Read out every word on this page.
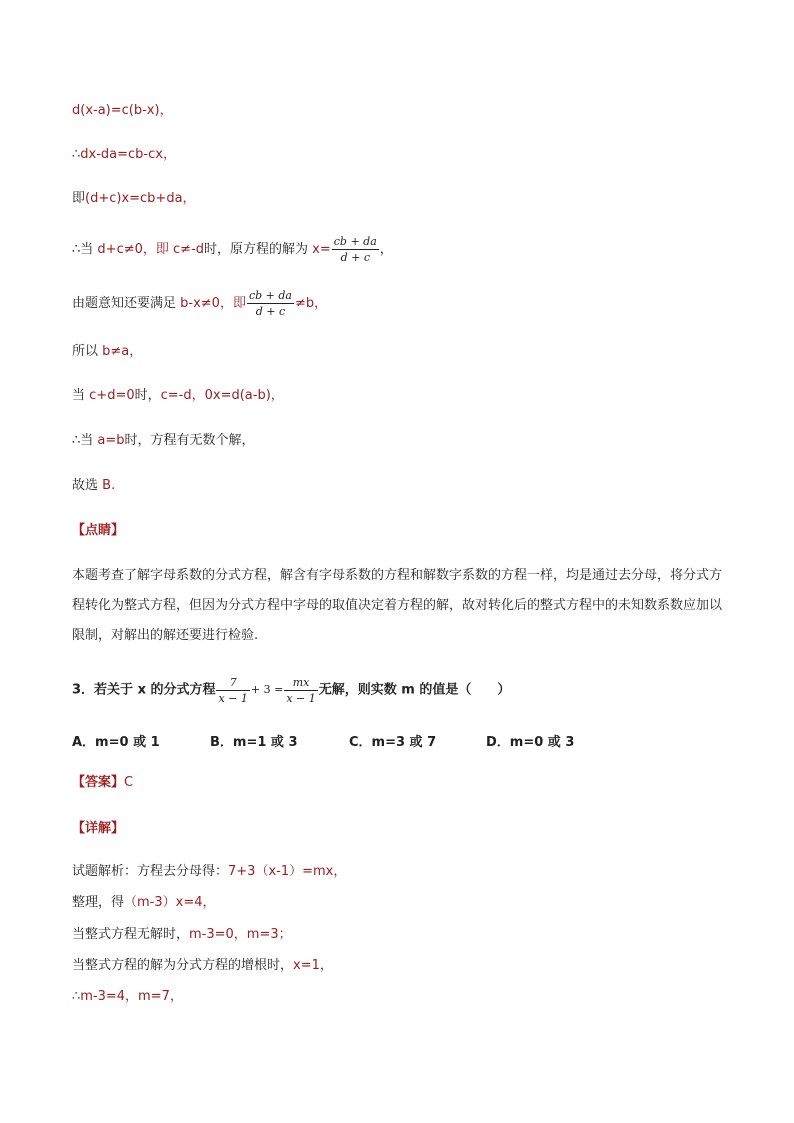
d(x-a)=c(b-x)，
∴dx-da=cb-cx，
即(d+c)x=cb+da，
∴当 d+c≠0，即 c≠-d时，原方程的解为 $x= \frac{cb + da}{d + c}$ ，
由题意知还要满足 b-x≠0，即 $\frac{cb + da}{d + c} \ne b$，
所以 b≠a，
当 c+d=0时，c=-d，0x=d(a-b)，
∴当 a=b时，方程有无数个解，
故选 B.
【点睛】
本题考查了解字母系数的分式方程，解含有字母系数的方程和解数字系数的方程一样，均是通过去分母，将分式方程转化为整式方程，但因为分式方程中字母的取值决定着方程的解，故对转化后的整式方程中的未知数系数应加以限制，对解出的解还要进行检验.
3．若关于 x 的分式方程 $\frac{7}{x - 1} + 3 = \frac{mx}{x - 1}$ 无解，则实数 m 的值是（　　）
A．m=0 或 1	B．m=1 或 3	C．m=3 或 7	D．m=0 或 3
【答案】C
【详解】
试题解析：方程去分母得：7+3（x-1）=mx，
整理，得（m-3）x=4，
当整式方程无解时，m-3=0，m=3；
当整式方程的解为分式方程的增根时，x=1，
∴m-3=4，m=7，
